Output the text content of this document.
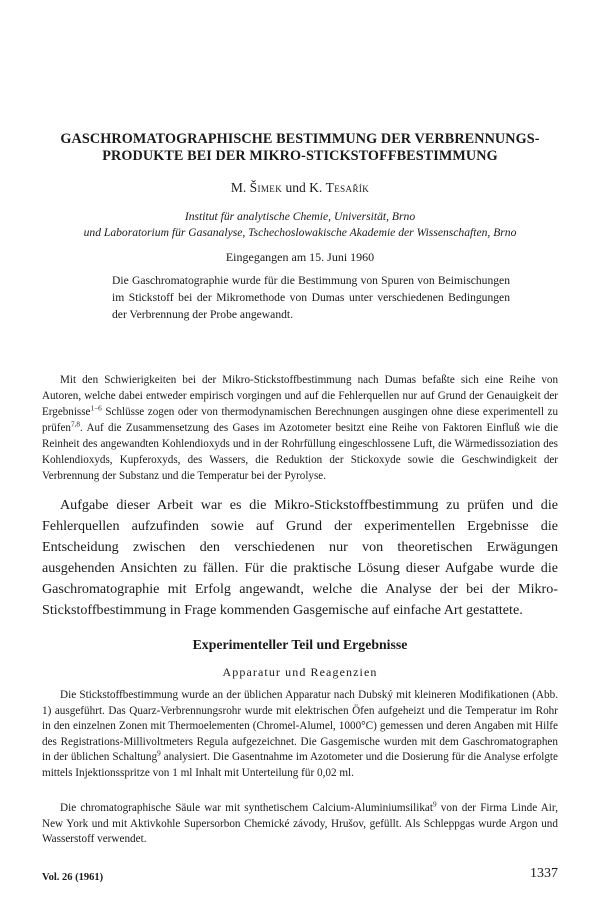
GASCHROMATOGRAPHISCHE BESTIMMUNG DER VERBRENNUNGS-
PRODUKTE BEI DER MIKRO-STICKSTOFFBESTIMMUNG
M. Šimek und K. Tesařík
Institut für analytische Chemie, Universität, Brno
und Laboratorium für Gasanalyse, Tschechoslowakische Akademie der Wissenschaften, Brno
Eingegangen am 15. Juni 1960
Die Gaschromatographie wurde für die Bestimmung von Spuren von Beimischungen im Stickstoff bei der Mikromethode von Dumas unter verschiedenen Bedingungen der Verbrennung der Probe angewandt.
Mit den Schwierigkeiten bei der Mikro-Stickstoffbestimmung nach Dumas befaßte sich eine Reihe von Autoren, welche dabei entweder empirisch vorgingen und auf die Fehlerquellen nur auf Grund der Genauigkeit der Ergebnisse$^{1-6}$ Schlüsse zogen oder von thermodynamischen Berechnungen ausgingen ohne diese experimentell zu prüfen$^{7,8}$. Auf die Zusammensetzung des Gases im Azotometer besitzt eine Reihe von Faktoren Einfluß wie die Reinheit des angewandten Kohlendioxyds und in der Rohrfüllung eingeschlossene Luft, die Wärmedissoziation des Kohlendioxyds, Kupferoxyds, des Wassers, die Reduktion der Stickoxyde sowie die Geschwindigkeit der Verbrennung der Substanz und die Temperatur bei der Pyrolyse.
Aufgabe dieser Arbeit war es die Mikro-Stickstoffbestimmung zu prüfen und die Fehlerquellen aufzufinden sowie auf Grund der experimentellen Ergebnisse die Entscheidung zwischen den verschiedenen nur von theoretischen Erwägungen ausgehenden Ansichten zu fällen. Für die praktische Lösung dieser Aufgabe wurde die Gaschromatographie mit Erfolg angewandt, welche die Analyse der bei der Mikro-Stickstoffbestimmung in Frage kommenden Gasgemische auf einfache Art gestattete.
Experimenteller Teil und Ergebnisse
Apparatur und Reagenzien
Die Stickstoffbestimmung wurde an der üblichen Apparatur nach Dubský mit kleineren Modifikationen (Abb. 1) ausgeführt. Das Quarz-Verbrennungsrohr wurde mit elektrischen Öfen aufgeheizt und die Temperatur im Rohr in den einzelnen Zonen mit Thermoelementen (Chromel-Alumel, 1000°C) gemessen und deren Angaben mit Hilfe des Registrations-Millivoltmeters Regula aufgezeichnet. Die Gasgemische wurden mit dem Gaschromatographen in der üblichen Schaltung$^9$ analysiert. Die Gasentnahme im Azotometer und die Dosierung für die Analyse erfolgte mittels Injektionsspritze von 1 ml Inhalt mit Unterteilung für 0,02 ml.
Die chromatographische Säule war mit synthetischem Calcium-Aluminiumsilikat$^9$ von der Firma Linde Air, New York und mit Aktivkohle Supersorbon Chemické závody, Hrušov, gefüllt. Als Schleppgas wurde Argon und Wasserstoff verwendet.
Vol. 26 (1961)	1337
